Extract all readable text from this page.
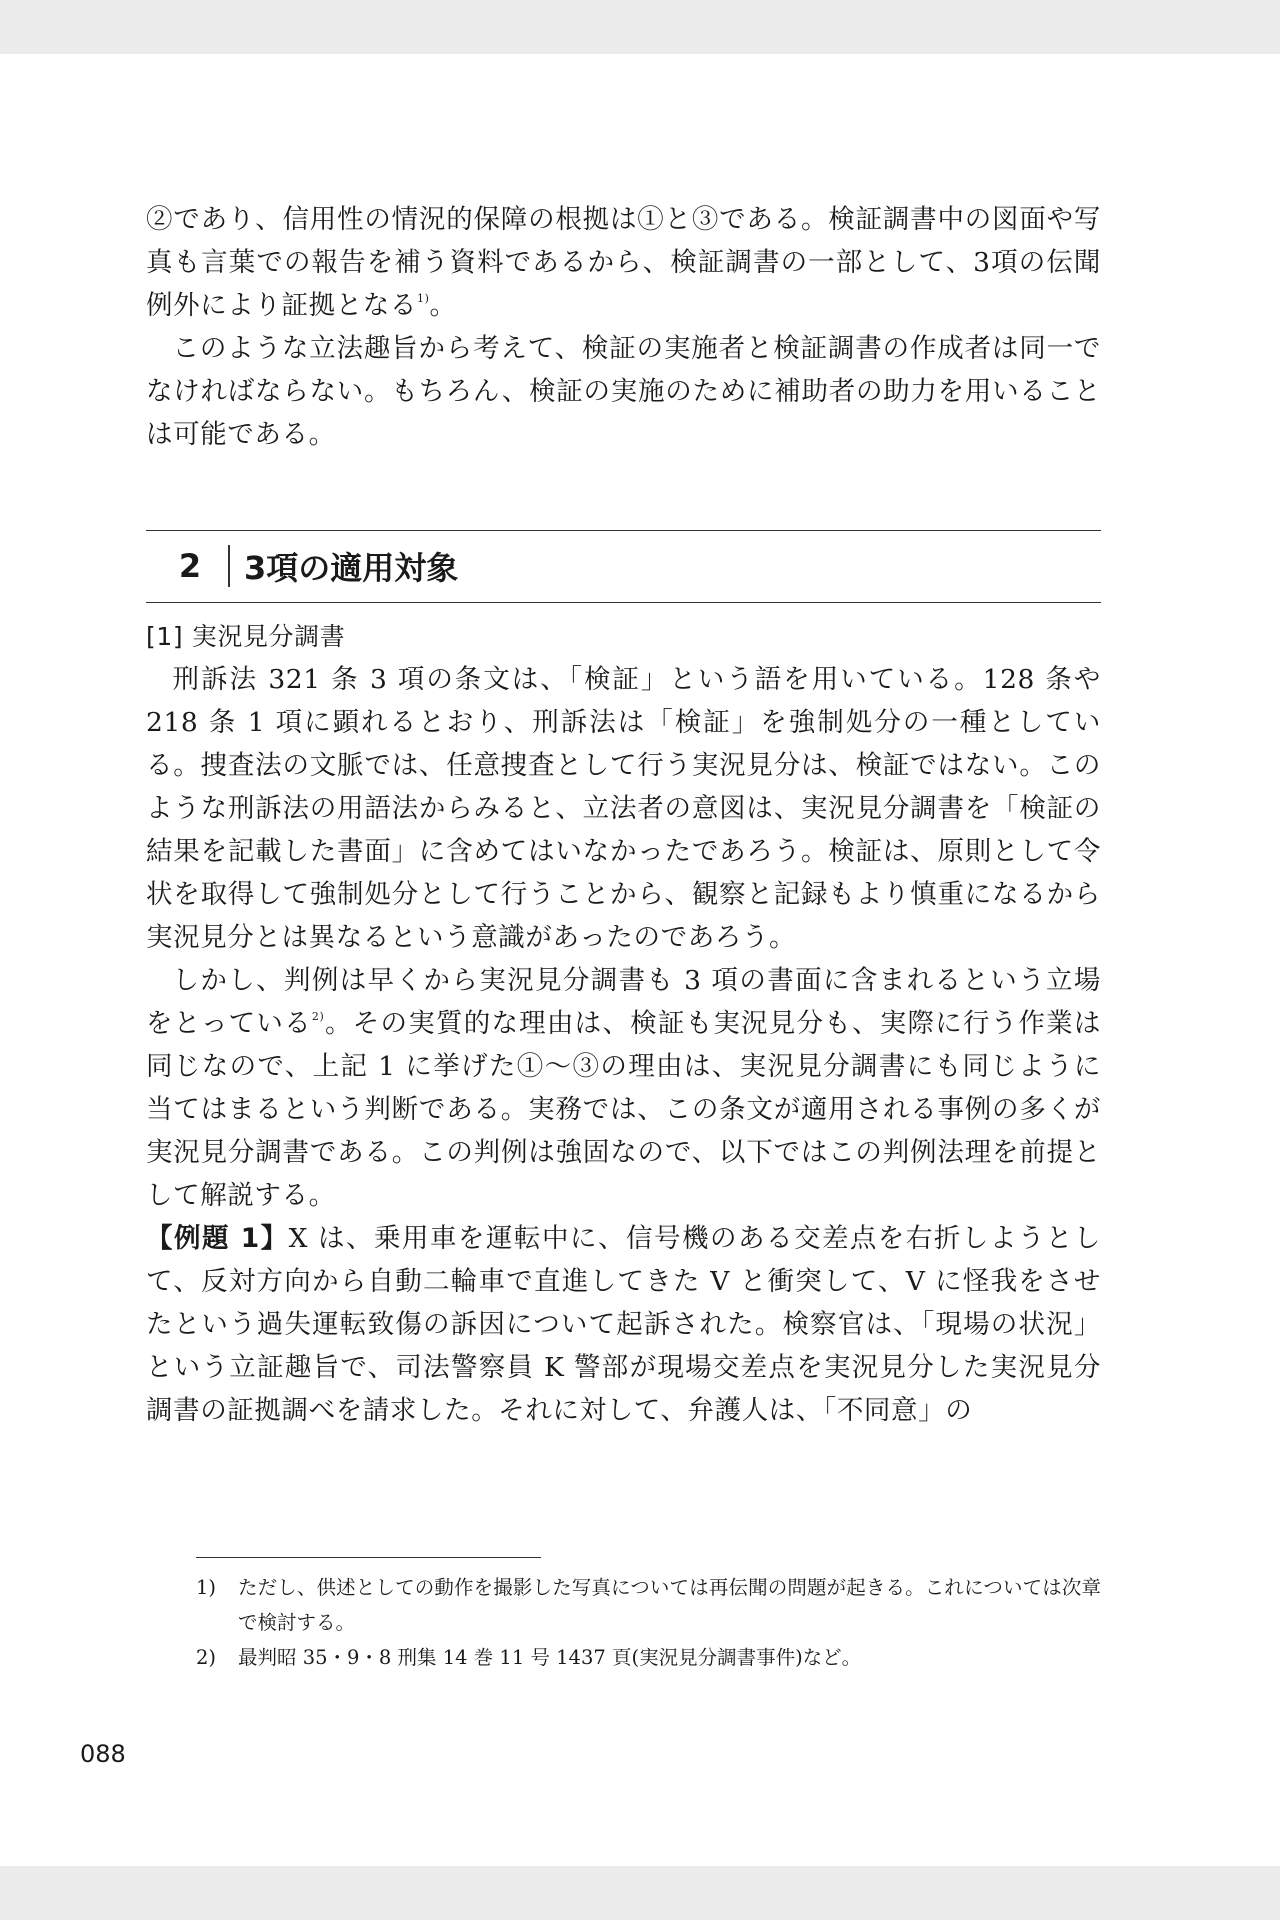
②であり、信用性の情況的保障の根拠は①と③である。検証調書中の図面や写真も言葉での報告を補う資料であるから、検証調書の一部として、3項の伝聞例外により証拠となる$^{1)}$。

このような立法趣旨から考えて、検証の実施者と検証調書の作成者は同一でなければならない。もちろん、検証の実施のために補助者の助力を用いることは可能である。

2	3項の適用対象

[1] 実況見分調書

刑訴法 321 条 3 項の条文は、「検証」という語を用いている。128 条や 218 条 1 項に顕れるとおり、刑訴法は「検証」を強制処分の一種としている。捜査法の文脈では、任意捜査として行う実況見分は、検証ではない。このような刑訴法の用語法からみると、立法者の意図は、実況見分調書を「検証の結果を記載した書面」に含めてはいなかったであろう。検証は、原則として令状を取得して強制処分として行うことから、観察と記録もより慎重になるから実況見分とは異なるという意識があったのであろう。

しかし、判例は早くから実況見分調書も 3 項の書面に含まれるという立場をとっている$^{2)}$。その実質的な理由は、検証も実況見分も、実際に行う作業は同じなので、上記 1 に挙げた①〜③の理由は、実況見分調書にも同じように当てはまるという判断である。実務では、この条文が適用される事例の多くが実況見分調書である。この判例は強固なので、以下ではこの判例法理を前提として解説する。

【例題 1】X は、乗用車を運転中に、信号機のある交差点を右折しようとして、反対方向から自動二輪車で直進してきた V と衝突して、V に怪我をさせたという過失運転致傷の訴因について起訴された。検察官は、「現場の状況」という立証趣旨で、司法警察員 K 警部が現場交差点を実況見分した実況見分調書の証拠調べを請求した。それに対して、弁護人は、「不同意」の

1)	ただし、供述としての動作を撮影した写真については再伝聞の問題が起きる。これについては次章で検討する。
2)	最判昭 35・9・8 刑集 14 巻 11 号 1437 頁(実況見分調書事件)など。
088
